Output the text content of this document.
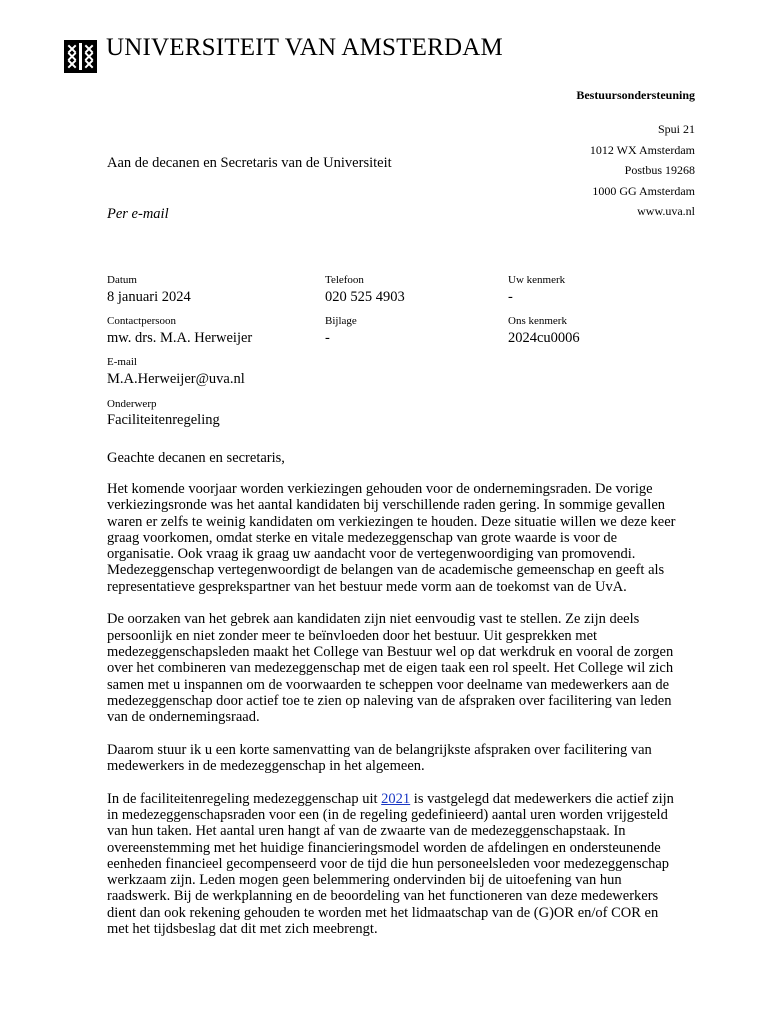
UNIVERSITEIT VAN AMSTERDAM
Bestuursondersteuning
Spui 21
1012 WX Amsterdam
Postbus 19268
1000 GG Amsterdam
www.uva.nl
Aan de decanen en Secretaris van de Universiteit
Per e-mail
Datum
8 januari 2024
Telefoon
020 525 4903
Uw kenmerk
-
Contactpersoon
mw. drs. M.A. Herweijer
Bijlage
-
Ons kenmerk
2024cu0006
E-mail
M.A.Herweijer@uva.nl
Onderwerp
Faciliteitenregeling
Geachte decanen en secretaris,

Het komende voorjaar worden verkiezingen gehouden voor de ondernemingsraden. De vorige verkiezingsronde was het aantal kandidaten bij verschillende raden gering. In sommige gevallen waren er zelfs te weinig kandidaten om verkiezingen te houden. Deze situatie willen we deze keer graag voorkomen, omdat sterke en vitale medezeggenschap van grote waarde is voor de organisatie. Ook vraag ik graag uw aandacht voor de vertegenwoordiging van promovendi. Medezeggenschap vertegenwoordigt de belangen van de academische gemeenschap en geeft als representatieve gesprekspartner van het bestuur mede vorm aan de toekomst van de UvA.

De oorzaken van het gebrek aan kandidaten zijn niet eenvoudig vast te stellen. Ze zijn deels persoonlijk en niet zonder meer te beïnvloeden door het bestuur. Uit gesprekken met medezeggenschapsleden maakt het College van Bestuur wel op dat werkdruk en vooral de zorgen over het combineren van medezeggenschap met de eigen taak een rol speelt. Het College wil zich samen met u inspannen om de voorwaarden te scheppen voor deelname van medewerkers aan de medezeggenschap door actief toe te zien op naleving van de afspraken over facilitering van leden van de ondernemingsraad.

Daarom stuur ik u een korte samenvatting van de belangrijkste afspraken over facilitering van medewerkers in de medezeggenschap in het algemeen.

In de faciliteitenregeling medezeggenschap uit 2021 is vastgelegd dat medewerkers die actief zijn in medezeggenschapsraden voor een (in de regeling gedefinieerd) aantal uren worden vrijgesteld van hun taken. Het aantal uren hangt af van de zwaarte van de medezeggenschapstaak. In overeenstemming met het huidige financieringsmodel worden de afdelingen en ondersteunende eenheden financieel gecompenseerd voor de tijd die hun personeelsleden voor medezeggenschap werkzaam zijn. Leden mogen geen belemmering ondervinden bij de uitoefening van hun raadswerk. Bij de werkplanning en de beoordeling van het functioneren van deze medewerkers dient dan ook rekening gehouden te worden met het lidmaatschap van de (G)OR en/of COR en met het tijdsbeslag dat dit met zich meebrengt.
